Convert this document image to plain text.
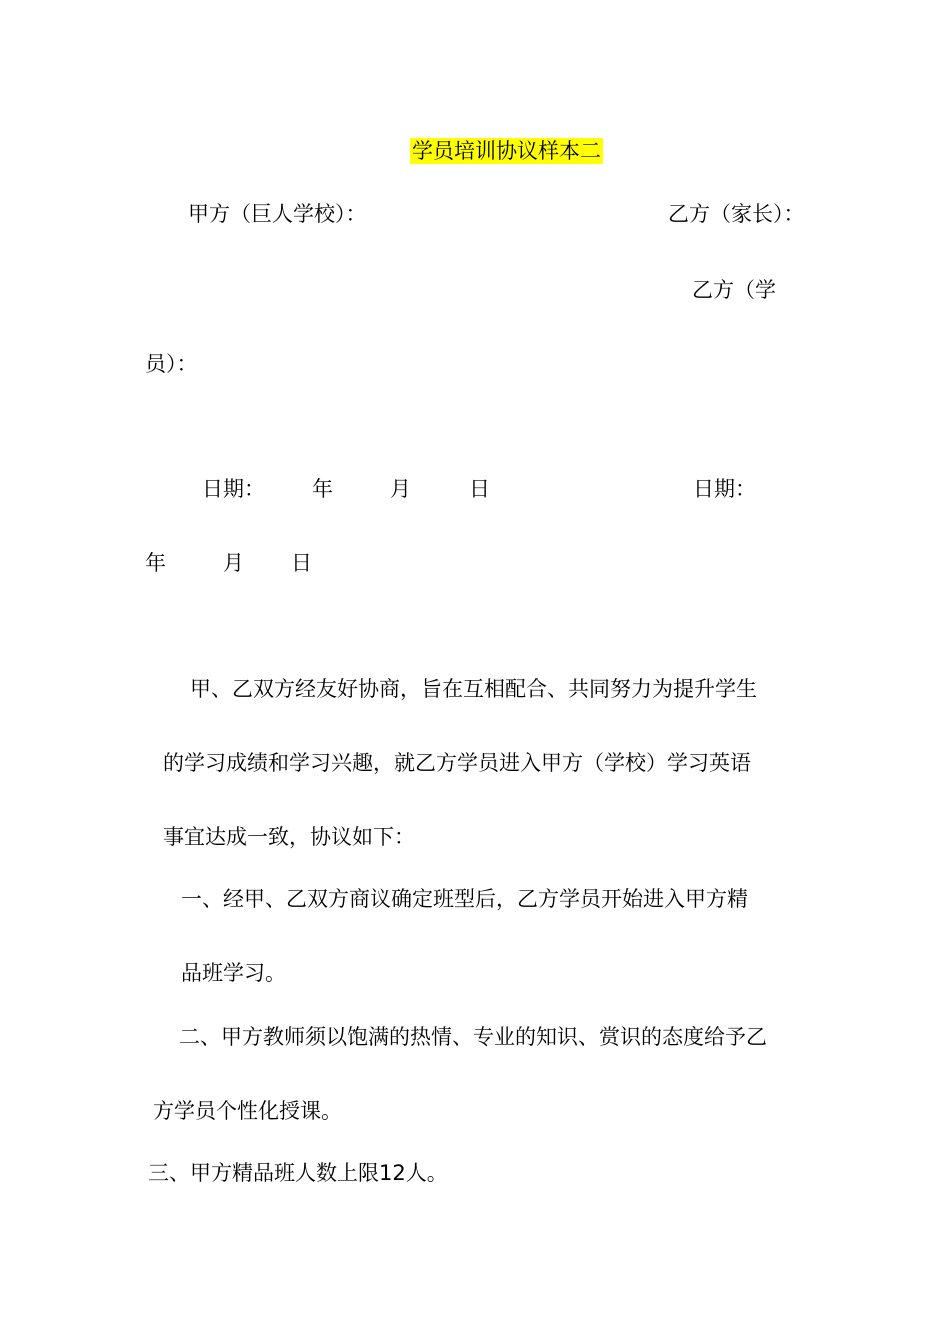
学员培训协议样本二

甲方（巨人学校）：	乙方（家长）：

乙方（学

员）：

日期： 年	月	日	日期：

年	月 日

甲、乙双方经友好协商，旨在互相配合、共同努力为提升学生

的学习成绩和学习兴趣，就乙方学员进入甲方（学校）学习英语

事宜达成一致，协议如下：

一、经甲、乙双方商议确定班型后，乙方学员开始进入甲方精

品班学习。

二、甲方教师须以饱满的热情、专业的知识、赏识的态度给予乙

方学员个性化授课。

三、甲方精品班人数上限12人。
